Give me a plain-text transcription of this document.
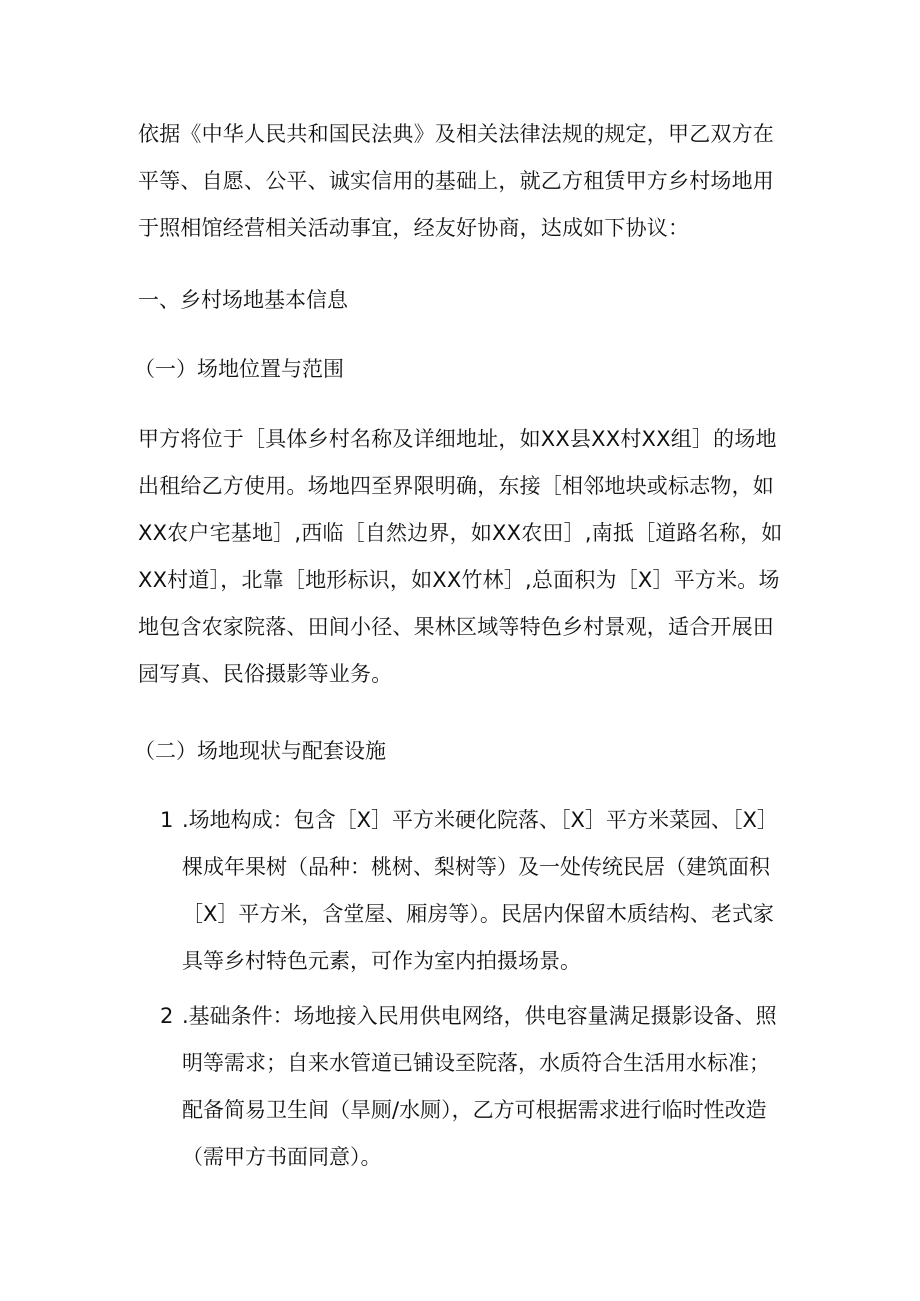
依据《中华人民共和国民法典》及相关法律法规的规定，甲乙双方在平等、自愿、公平、诚实信用的基础上，就乙方租赁甲方乡村场地用于照相馆经营相关活动事宜，经友好协商，达成如下协议：

一、乡村场地基本信息

（一）场地位置与范围

甲方将位于［具体乡村名称及详细地址，如XX县XX村XX组］的场地出租给乙方使用。场地四至界限明确，东接［相邻地块或标志物，如XX农户宅基地］,西临［自然边界，如XX农田］,南抵［道路名称，如XX村道］，北靠［地形标识，如XX竹林］,总面积为［X］平方米。场地包含农家院落、田间小径、果林区域等特色乡村景观，适合开展田园写真、民俗摄影等业务。

（二）场地现状与配套设施

1 .场地构成：包含［X］平方米硬化院落、［X］平方米菜园、［X］棵成年果树（品种：桃树、梨树等）及一处传统民居（建筑面积［X］平方米，含堂屋、厢房等）。民居内保留木质结构、老式家具等乡村特色元素，可作为室内拍摄场景。
2 .基础条件：场地接入民用供电网络，供电容量满足摄影设备、照明等需求；自来水管道已铺设至院落，水质符合生活用水标准；配备简易卫生间（旱厕/水厕），乙方可根据需求进行临时性改造（需甲方书面同意）。
